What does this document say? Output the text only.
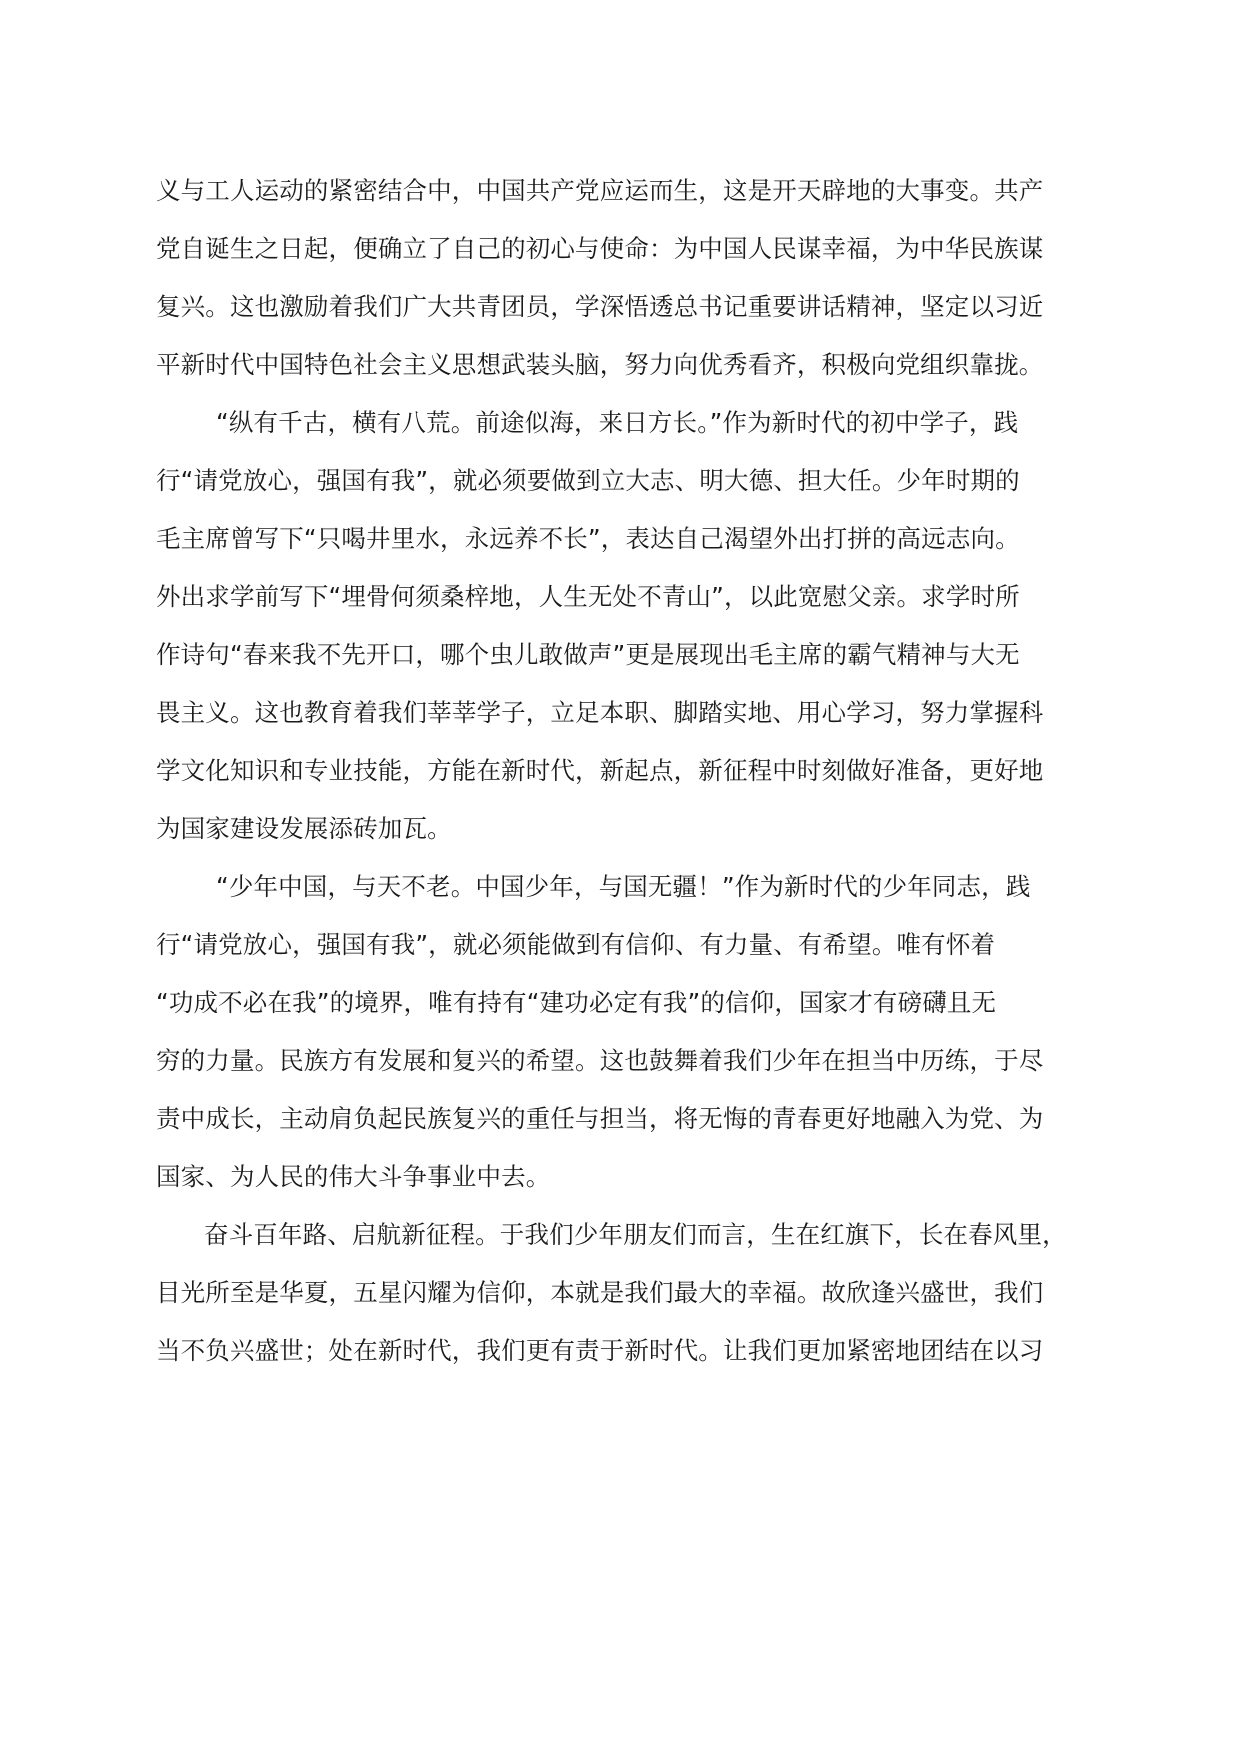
义与工人运动的紧密结合中，中国共产党应运而生，这是开天辟地的大事变。共产
党自诞生之日起，便确立了自己的初心与使命：为中国人民谋幸福，为中华民族谋
复兴。这也激励着我们广大共青团员，学深悟透总书记重要讲话精神，坚定以习近
平新时代中国特色社会主义思想武装头脑，努力向优秀看齐，积极向党组织靠拢。
“纵有千古，横有八荒。前途似海，来日方长。”作为新时代的初中学子，践
行“请党放心，强国有我”，就必须要做到立大志、明大德、担大任。少年时期的
毛主席曾写下“只喝井里水，永远养不长”，表达自己渴望外出打拼的高远志向。
外出求学前写下“埋骨何须桑梓地，人生无处不青山”，以此宽慰父亲。求学时所
作诗句“春来我不先开口，哪个虫儿敢做声”更是展现出毛主席的霸气精神与大无
畏主义。这也教育着我们莘莘学子，立足本职、脚踏实地、用心学习，努力掌握科
学文化知识和专业技能，方能在新时代，新起点，新征程中时刻做好准备，更好地
为国家建设发展添砖加瓦。
“少年中国，与天不老。中国少年，与国无疆！”作为新时代的少年同志，践
行“请党放心，强国有我”，就必须能做到有信仰、有力量、有希望。唯有怀着
“功成不必在我”的境界，唯有持有“建功必定有我”的信仰，国家才有磅礴且无
穷的力量。民族方有发展和复兴的希望。这也鼓舞着我们少年在担当中历练，于尽
责中成长，主动肩负起民族复兴的重任与担当，将无悔的青春更好地融入为党、为
国家、为人民的伟大斗争事业中去。
奋斗百年路、启航新征程。于我们少年朋友们而言，生在红旗下，长在春风里，
目光所至是华夏，五星闪耀为信仰，本就是我们最大的幸福。故欣逢兴盛世，我们
当不负兴盛世；处在新时代，我们更有责于新时代。让我们更加紧密地团结在以习
